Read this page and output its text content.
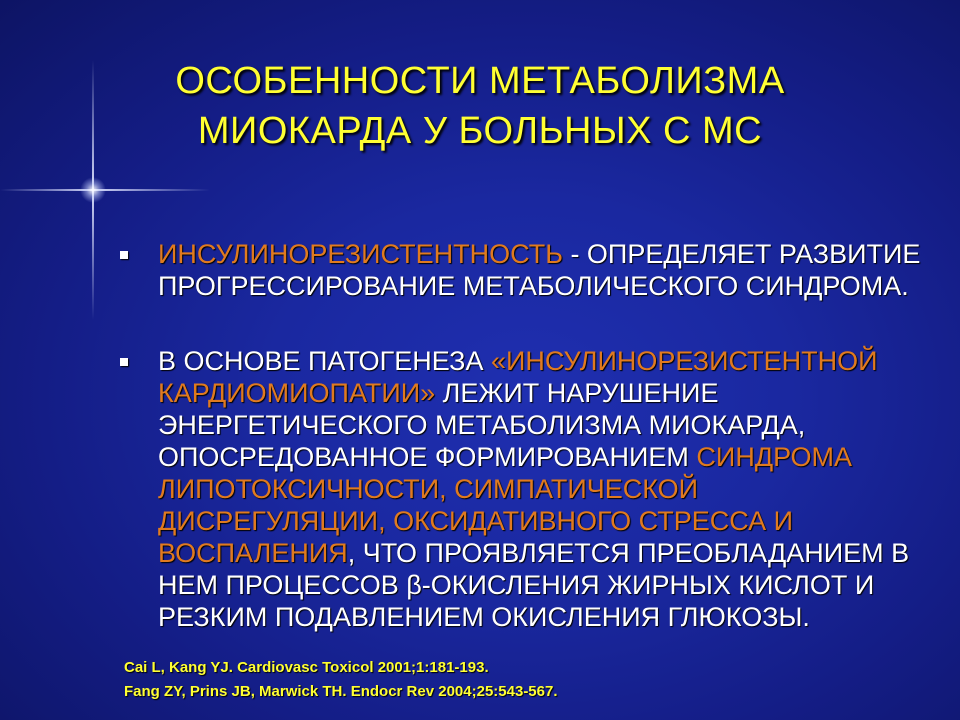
ОСОБЕННОСТИ МЕТАБОЛИЗМА
МИОКАРДА У БОЛЬНЫХ С МС
ИНСУЛИНОРЕЗИСТЕНТНОСТЬ - ОПРЕДЕЛЯЕТ РАЗВИТИЕ
ПРОГРЕССИРОВАНИЕ МЕТАБОЛИЧЕСКОГО СИНДРОМА.
В ОСНОВЕ ПАТОГЕНЕЗА «ИНСУЛИНОРЕЗИСТЕНТНОЙ
КАРДИОМИОПАТИИ» ЛЕЖИТ НАРУШЕНИЕ
ЭНЕРГЕТИЧЕСКОГО МЕТАБОЛИЗМА МИОКАРДА,
ОПОСРЕДОВАННОЕ ФОРМИРОВАНИЕМ СИНДРОМА
ЛИПОТОКСИЧНОСТИ, СИМПАТИЧЕСКОЙ
ДИСРЕГУЛЯЦИИ, ОКСИДАТИВНОГО СТРЕССА И
ВОСПАЛЕНИЯ, ЧТО ПРОЯВЛЯЕТСЯ ПРЕОБЛАДАНИЕМ В
НЕМ ПРОЦЕССОВ β-ОКИСЛЕНИЯ ЖИРНЫХ КИСЛОТ И
РЕЗКИМ ПОДАВЛЕНИЕМ ОКИСЛЕНИЯ ГЛЮКОЗЫ.
Cai L, Kang YJ. Cardiovasc Toxicol 2001;1:181-193.
Fang ZY, Prins JB, Marwick TH. Endocr Rev 2004;25:543-567.
